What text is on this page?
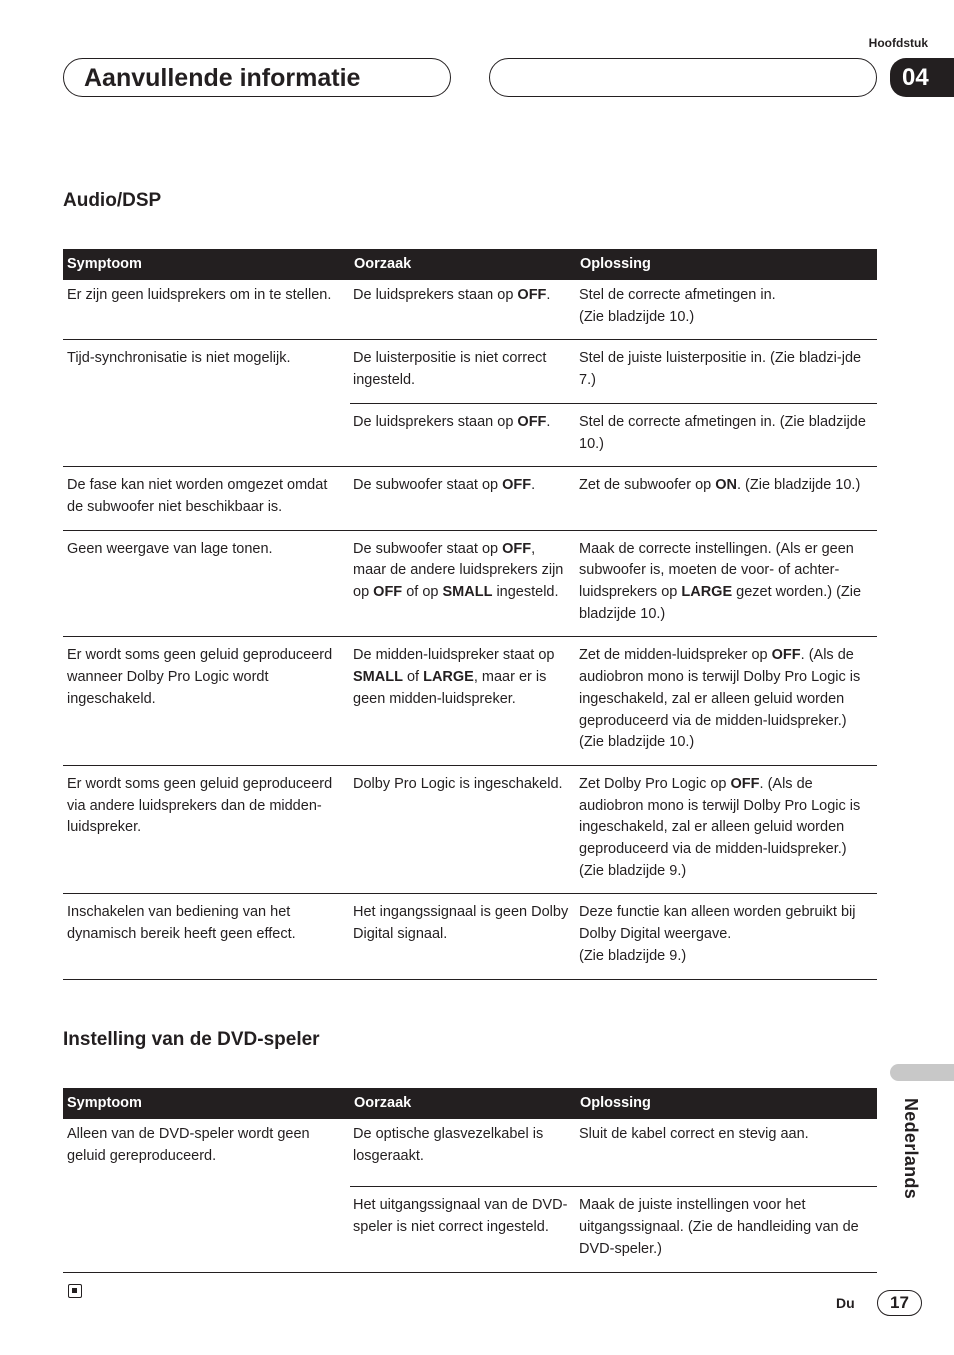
Hoofdstuk
Aanvullende informatie	04
Audio/DSP
Symptoom	Oorzaak	Oplossing
Er zijn geen luidsprekers om in te stellen.	De luidsprekers staan op OFF.	Stel de correcte afmetingen in.
(Zie bladzijde 10.)
Tijd-synchronisatie is niet mogelijk.	De luisterpositie is niet correct ingesteld.	Stel de juiste luisterpositie in. (Zie bladzi-jde 7.)
	De luidsprekers staan op OFF.	Stel de correcte afmetingen in. (Zie bladzijde 10.)
De fase kan niet worden omgezet omdat de subwoofer niet beschikbaar is.	De subwoofer staat op OFF.	Zet de subwoofer op ON. (Zie bladzijde 10.)
Geen weergave van lage tonen.	De subwoofer staat op OFF, maar de andere luidsprekers zijn op OFF of op SMALL ingesteld.	Maak de correcte instellingen. (Als er geen subwoofer is, moeten de voor- of achter- luidsprekers op LARGE gezet worden.) (Zie bladzijde 10.)
Er wordt soms geen geluid geproduceerd wanneer Dolby Pro Logic wordt ingeschakeld.	De midden-luidspreker staat op SMALL of LARGE, maar er is geen midden-luidspreker.	Zet de midden-luidspreker op OFF. (Als de audiobron mono is terwijl Dolby Pro Logic is ingeschakeld, zal er alleen geluid worden geproduceerd via de midden-luidspreker.) (Zie bladzijde 10.)
Er wordt soms geen geluid geproduceerd via andere luidsprekers dan de midden-luidspreker.	Dolby Pro Logic is ingeschakeld.	Zet Dolby Pro Logic op OFF. (Als de audiobron mono is terwijl Dolby Pro Logic is ingeschakeld, zal er alleen geluid worden geproduceerd via de midden-luidspreker.) (Zie bladzijde 9.)
Inschakelen van bediening van het dynamisch bereik heeft geen effect.	Het ingangssignaal is geen Dolby Digital signaal.	Deze functie kan alleen worden gebruikt bij Dolby Digital weergave.
(Zie bladzijde 9.)
Instelling van de DVD-speler
Symptoom	Oorzaak	Oplossing
Alleen van de DVD-speler wordt geen geluid gereproduceerd.	De optische glasvezelkabel is losgeraakt.	Sluit de kabel correct en stevig aan.
	Het uitgangssignaal van de DVD-speler is niet correct ingesteld.	Maak de juiste instellingen voor het uitgangssignaal. (Zie de handleiding van de DVD-speler.)
Nederlands
Du	17
